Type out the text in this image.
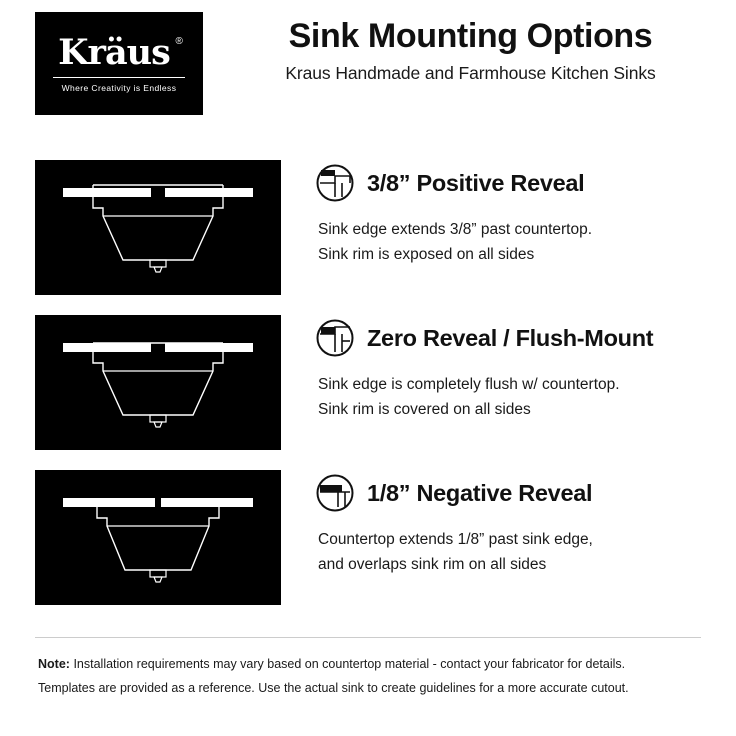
Kräus ®
Where Creativity is Endless
Sink Mounting Options
Kraus Handmade and Farmhouse Kitchen Sinks
3/8” Positive Reveal
Sink edge extends 3/8” past countertop.
Sink rim is exposed on all sides
Zero Reveal / Flush-Mount
Sink edge is completely flush w/ countertop.
Sink rim is covered on all sides
1/8” Negative Reveal
Countertop extends 1/8” past sink edge,
and overlaps sink rim on all sides
Note: Installation requirements may vary based on countertop material - contact your fabricator for details.
Templates are provided as a reference. Use the actual sink to create guidelines for a more accurate cutout.
